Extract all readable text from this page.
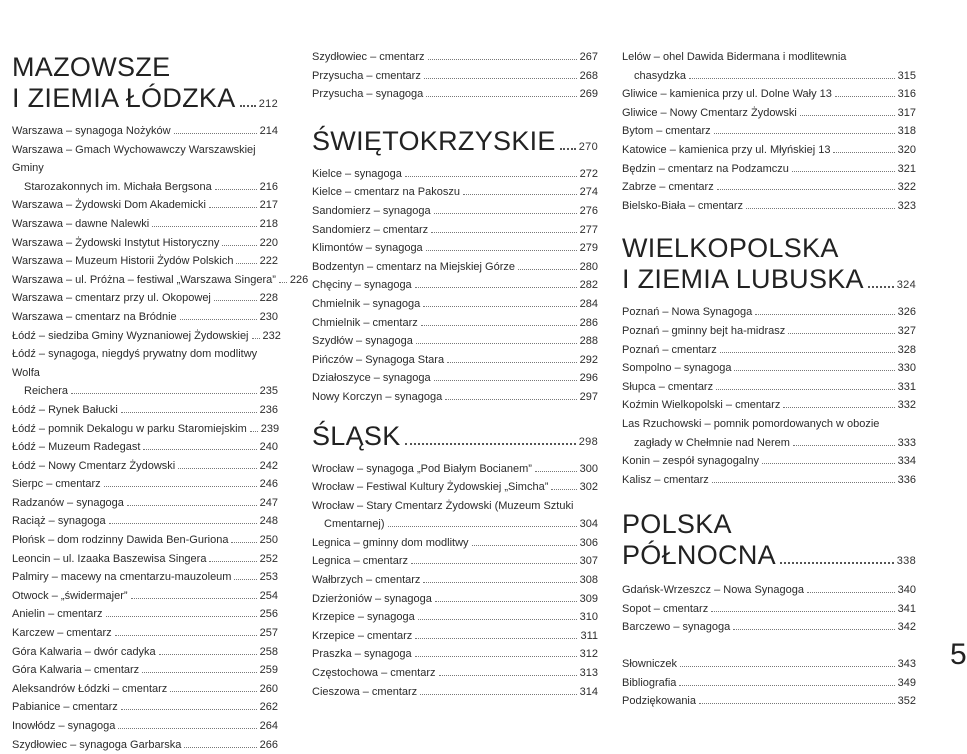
MAZOWSZE
I ZIEMIA ŁÓDZKA 212
Warszawa – synagoga Nożyków	214
Warszawa – Gmach Wychowawczy Warszawskiej Gminy
Starozakonnych im. Michała Bergsona	216
Warszawa – Żydowski Dom Akademicki	217
Warszawa – dawne Nalewki	218
Warszawa – Żydowski Instytut Historyczny	220
Warszawa – Muzeum Historii Żydów Polskich 222
Warszawa – ul. Próżna – festiwal „Warszawa Singera” 226
Warszawa – cmentarz przy ul. Okopowej	228
Warszawa – cmentarz na Bródnie	230
Łódź – siedziba Gminy Wyznaniowej Żydowskiej 232
Łódź – synagoga, niegdyś prywatny dom modlitwy Wolfa
Reichera	235
Łódź – Rynek Bałucki	236
Łódź – pomnik Dekalogu w parku Staromiejskim 239
Łódź – Muzeum Radegast	240
Łódź – Nowy Cmentarz Żydowski	242
Sierpc – cmentarz	246
Radzanów – synagoga	247
Raciąż – synagoga	248
Płońsk – dom rodzinny Dawida Ben-Guriona	250
Leoncin – ul. Izaaka Baszewisa Singera	252
Palmiry – macewy na cmentarzu-mauzoleum	253
Otwock – „świdermajer”	254
Anielin – cmentarz	256
Karczew – cmentarz	257
Góra Kalwaria – dwór cadyka	258
Góra Kalwaria – cmentarz	259
Aleksandrów Łódzki – cmentarz	260
Pabianice – cmentarz	262
Inowłódz – synagoga	264
Szydłowiec – synagoga Garbarska	266
Szydłowiec – cmentarz	267
Przysucha – cmentarz	268
Przysucha – synagoga	269
ŚWIĘTOKRZYSKIE 270
Kielce – synagoga	272
Kielce – cmentarz na Pakoszu	274
Sandomierz – synagoga	276
Sandomierz – cmentarz	277
Klimontów – synagoga	279
Bodzentyn – cmentarz na Miejskiej Górze	280
Chęciny – synagoga	282
Chmielnik – synagoga	284
Chmielnik – cmentarz	286
Szydłów – synagoga	288
Pińczów – Synagoga Stara	292
Działoszyce – synagoga	296
Nowy Korczyn – synagoga	297
ŚLĄSK	298
Wrocław – synagoga „Pod Białym Bocianem”	300
Wrocław – Festiwal Kultury Żydowskiej „Simcha”	302
Wrocław – Stary Cmentarz Żydowski (Muzeum Sztuki
Cmentarnej)	304
Legnica – gminny dom modlitwy	306
Legnica – cmentarz	307
Wałbrzych – cmentarz	308
Dzierżoniów – synagoga	309
Krzepice – synagoga	310
Krzepice – cmentarz	311
Praszka – synagoga	312
Częstochowa – cmentarz	313
Cieszowa – cmentarz	314
Lelów – ohel Dawida Bidermana i modlitewnia
chasydzka	315
Gliwice – kamienica przy ul. Dolne Wały 13	316
Gliwice – Nowy Cmentarz Żydowski	317
Bytom – cmentarz	318
Katowice – kamienica przy ul. Młyńskiej 13	320
Będzin – cmentarz na Podzamczu	321
Zabrze – cmentarz	322
Bielsko-Biała – cmentarz	323
WIELKOPOLSKA
I ZIEMIA LUBUSKA	324
Poznań – Nowa Synagoga	326
Poznań – gminny bejt ha-midrasz	327
Poznań – cmentarz	328
Sompolno – synagoga	330
Słupca – cmentarz	331
Koźmin Wielkopolski – cmentarz	332
Las Rzuchowski – pomnik pomordowanych w obozie
zagłady w Chełmnie nad Nerem	333
Konin – zespół synagogalny	334
Kalisz – cmentarz	336
POLSKA
PÓŁNOCNA	338
Gdańsk-Wrzeszcz – Nowa Synagoga	340
Sopot – cmentarz	341
Barczewo – synagoga	342
Słowniczek	343
Bibliografia	349
Podziękowania	352
5
